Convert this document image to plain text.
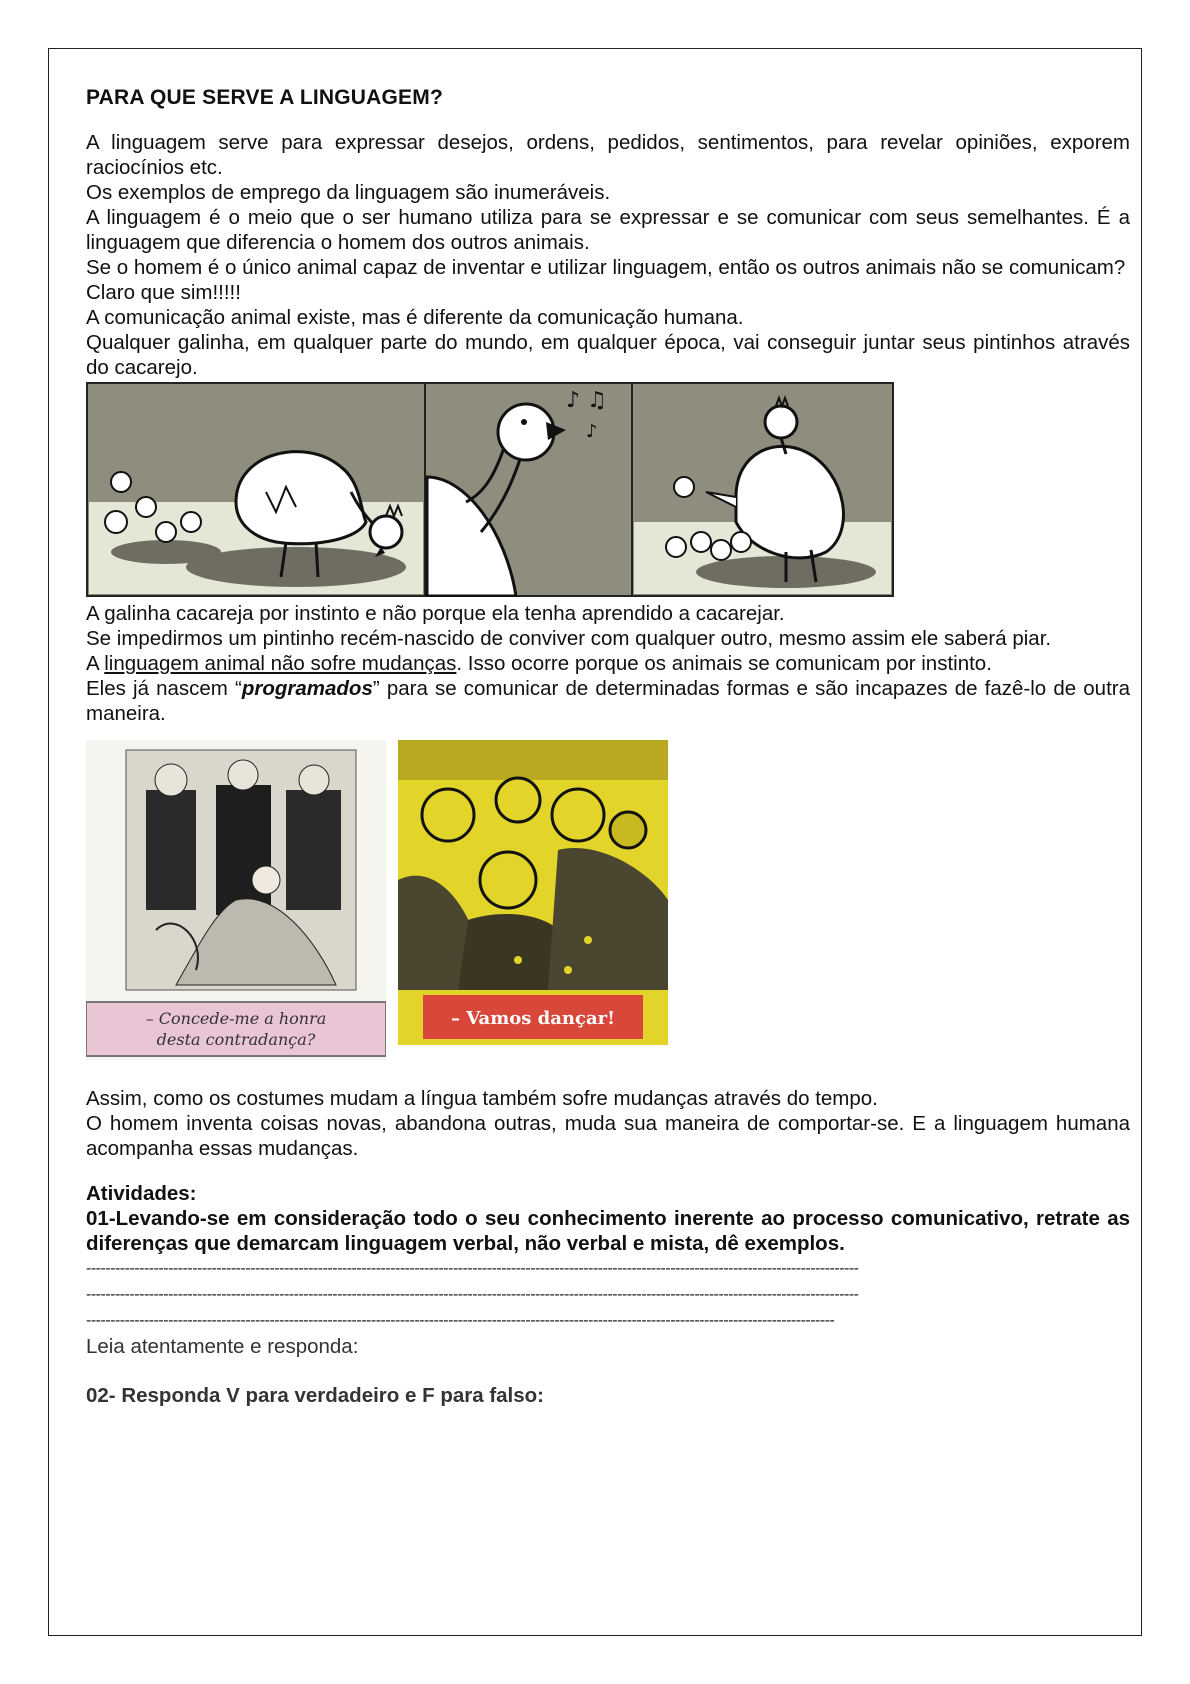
PARA QUE SERVE A LINGUAGEM?

A linguagem serve para expressar desejos, ordens, pedidos, sentimentos, para revelar opiniões, exporem raciocínios etc.

Os exemplos de emprego da linguagem são inumeráveis.

A linguagem é o meio que o ser humano utiliza para se expressar e se comunicar com seus semelhantes. É a linguagem que diferencia o homem dos outros animais.

Se o homem é o único animal capaz de inventar e utilizar linguagem, então os outros animais não se comunicam?

Claro que sim!!!!!

A comunicação animal existe, mas é diferente da comunicação humana.

Qualquer galinha, em qualquer parte do mundo, em qualquer época, vai conseguir juntar seus pintinhos através do cacarejo.

♪ ♫
♪

A galinha cacareja por instinto e não porque ela tenha aprendido a cacarejar.

Se impedirmos um pintinho recém-nascido de conviver com qualquer outro, mesmo assim ele saberá piar.

A linguagem animal não sofre mudanças. Isso ocorre porque os animais se comunicam por instinto.

Eles já nascem “programados” para se comunicar de determinadas formas e são incapazes de fazê-lo de outra maneira.

– Concede-me a honra
desta contradança?
– Vamos dançar!

Assim, como os costumes mudam a língua também sofre mudanças através do tempo.

O homem inventa coisas novas, abandona outras, muda sua maneira de comportar-se. E a linguagem humana acompanha essas mudanças.

Atividades:

01-Levando-se em consideração todo o seu conhecimento inerente ao processo comunicativo, retrate as diferenças que demarcam linguagem verbal, não verbal e mista, dê exemplos.

----------------------------------------------------------------------------------------------------------------------------------------------------------------
----------------------------------------------------------------------------------------------------------------------------------------------------------------
-----------------------------------------------------------------------------------------------------------------------------------------------------------

Leia atentamente e responda:

02- Responda V para verdadeiro e F para falso:
